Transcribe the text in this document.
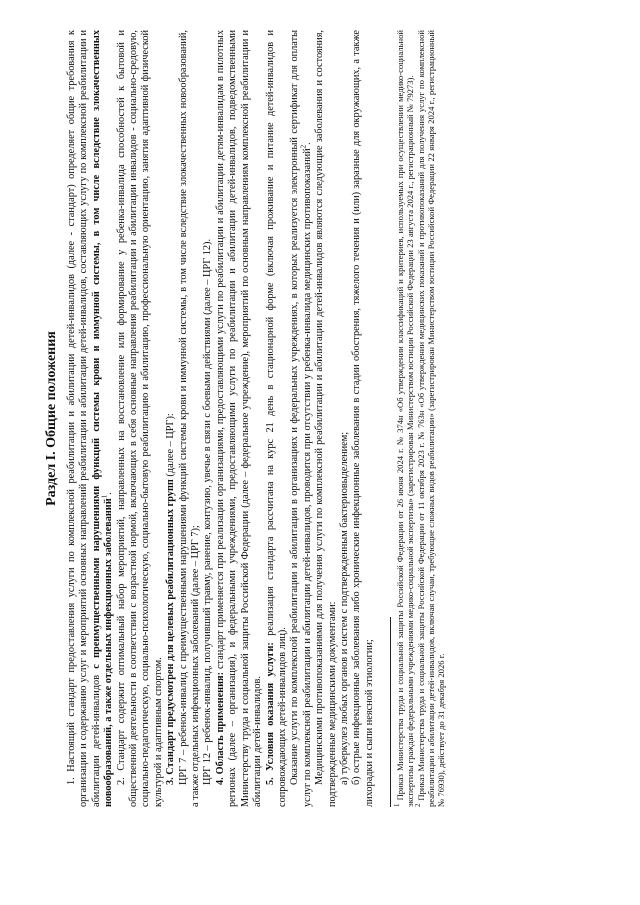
Раздел I. Общие положения

1. Настоящий стандарт предоставления услуги по комплексной реабилитации и абилитации детей-инвалидов (далее - стандарт) определяет общие требования к организации и содержанию услуг и мероприятий основных направлений реабилитации и абилитации детей-инвалидов, составляющих услугу по комплексной реабилитации и абилитации детей-инвалидов с преимущественными нарушениями функций системы крови и иммунной системы, в том числе вследствие злокачественных новообразований, а также отдельных инфекционных заболеваний$^1$.

2. Стандарт содержит оптимальный набор мероприятий, направленных на восстановление или формирование у ребенка-инвалида способностей к бытовой и общественной деятельности в соответствии с возрастной нормой, включающих в себя основные направления реабилитации и абилитации инвалидов - социально-средовую, социально-педагогическую, социально-психологическую, социально-бытовую реабилитацию и абилитацию, профессиональную ориентацию, занятия адаптивной физической культурой и адаптивным спортом. 3. Стандарт предусмотрен для целевых реабилитационных групп (далее – ЦРГ): ЦРГ 7 – ребенок-инвалид с преимущественными нарушениями функций системы крови и иммунной системы, в том числе вследствие злокачественных новообразований, а также отдельных инфекционных заболеваний (далее – ЦРГ 7); ЦРГ 12 – ребенок-инвалид, получивший травму, ранение, контузию, увечье в связи с боевыми действиями (далее – ЦРГ 12). 4. Область применения: стандарт применяется при реализации организациями, предоставляющими услуги по реабилитации и абилитации детям-инвалидам в пилотных регионах (далее – организация), и федеральными учреждениями, предоставляющими услуги по реабилитации и абилитации детей-инвалидов, подведомственными Министерству труда и социальной защиты Российской Федерации (далее – федеральное учреждение), мероприятий по основным направлениям комплексной реабилитации и абилитации детей-инвалидов. 5. Условия оказания услуги: реализация стандарта рассчитана на курс 21 день в стационарной форме (включая проживание и питание детей-инвалидов и сопровождающих детей-инвалидов лиц). Оказание услуги по комплексной реабилитации и абилитации в организациях и федеральных учреждениях, в которых реализуется электронный сертификат для оплаты услуг по комплексной реабилитации и абилитации детей-инвалидов, проводится при отсутствии у ребенка-инвалида медицинских противопоказаний$^2$. Медицинскими противопоказаниями для получения услуги по комплексной реабилитации и абилитации детей-инвалидов являются следующие заболевания и состояния, подтвержденные медицинскими документами: а) туберкулез любых органов и систем с подтвержденным бактериовыделением; б) острые инфекционные заболевания либо хронические инфекционные заболевания в стадии обострения, тяжелого течения и (или) заразные для окружающих, а также лихорадки и сыпи неясной этиологии;	$^1$ Приказ Министерства труда и социальной защиты Российской Федерации от 26 июня 2024 г. № 374н «Об утверждении классификаций и критериев, используемых при осуществлении медико-социальной экспертизы граждан федеральными учреждениями медико-социальной экспертизы» (зарегистрирован Министерством юстиции Российской Федерации 23 августа 2024 г., регистрационный № 79273).

$^2$ Приказ Министерства труда и социальной защиты Российской Федерации от 11 октября 2023 г. № 763н «Об утверждении медицинских показаний и противопоказаний для получения услуг по комплексной реабилитации и абилитации детей-инвалидов, включая случаи, требующие сложных видов реабилитации» (зарегистрирован Министерством юстиции Российской Федерации 22 января 2024 г., регистрационный № 76930), действует до 31 декабря 2026 г.
